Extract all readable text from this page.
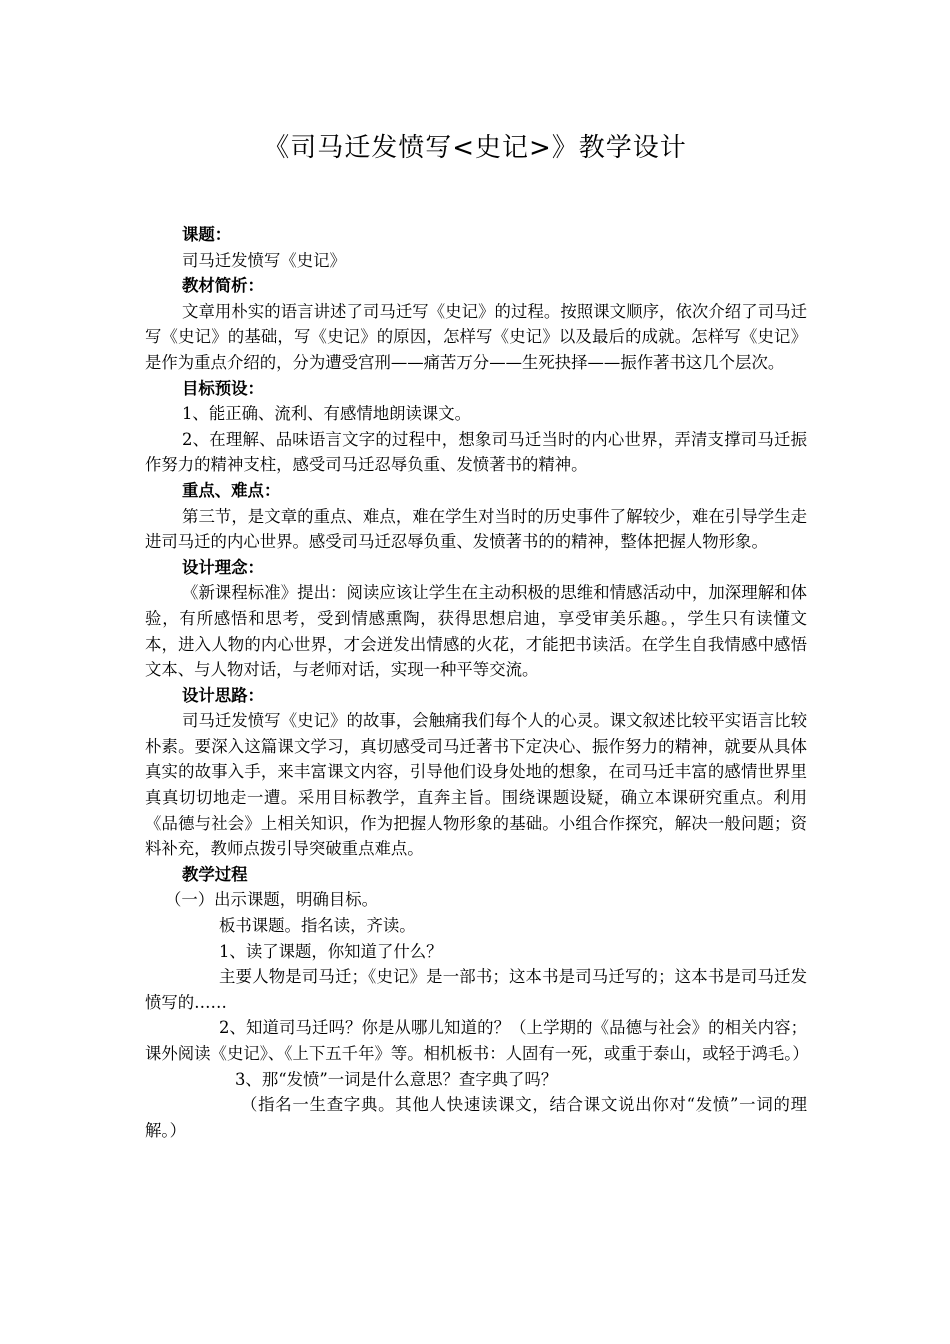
《司马迁发愤写<史记>》教学设计

课题：

司马迁发愤写《史记》

教材简析：

文章用朴实的语言讲述了司马迁写《史记》的过程。按照课文顺序，依次介绍了司马迁写《史记》的基础，写《史记》的原因，怎样写《史记》以及最后的成就。怎样写《史记》是作为重点介绍的，分为遭受宫刑——痛苦万分——生死抉择——振作著书这几个层次。

目标预设：

1、能正确、流利、有感情地朗读课文。

2、在理解、品味语言文字的过程中，想象司马迁当时的内心世界，弄清支撑司马迁振作努力的精神支柱，感受司马迁忍辱负重、发愤著书的精神。

重点、难点：

第三节，是文章的重点、难点，难在学生对当时的历史事件了解较少，难在引导学生走进司马迁的内心世界。感受司马迁忍辱负重、发愤著书的的精神，整体把握人物形象。

设计理念：

《新课程标准》提出：阅读应该让学生在主动积极的思维和情感活动中，加深理解和体验，有所感悟和思考，受到情感熏陶，获得思想启迪，享受审美乐趣。，学生只有读懂文本，进入人物的内心世界，才会迸发出情感的火花，才能把书读活。在学生自我情感中感悟文本、与人物对话，与老师对话，实现一种平等交流。

设计思路：

司马迁发愤写《史记》的故事，会触痛我们每个人的心灵。课文叙述比较平实语言比较朴素。要深入这篇课文学习，真切感受司马迁著书下定决心、振作努力的精神，就要从具体真实的故事入手，来丰富课文内容，引导他们设身处地的想象，在司马迁丰富的感情世界里真真切切地走一遭。采用目标教学，直奔主旨。围绕课题设疑，确立本课研究重点。利用《品德与社会》上相关知识，作为把握人物形象的基础。小组合作探究，解决一般问题；资料补充，教师点拨引导突破重点难点。

教学过程

（一）出示课题，明确目标。

板书课题。指名读，齐读。

1、读了课题，你知道了什么？

主要人物是司马迁；《史记》是一部书；这本书是司马迁写的；这本书是司马迁发愤写的……

2、知道司马迁吗？你是从哪儿知道的？（上学期的《品德与社会》的相关内容；课外阅读《史记》、《上下五千年》等。相机板书：人固有一死，或重于泰山，或轻于鸿毛。）

3、那“发愤”一词是什么意思？查字典了吗？

（指名一生查字典。其他人快速读课文，结合课文说出你对“发愤”一词的理解。）
